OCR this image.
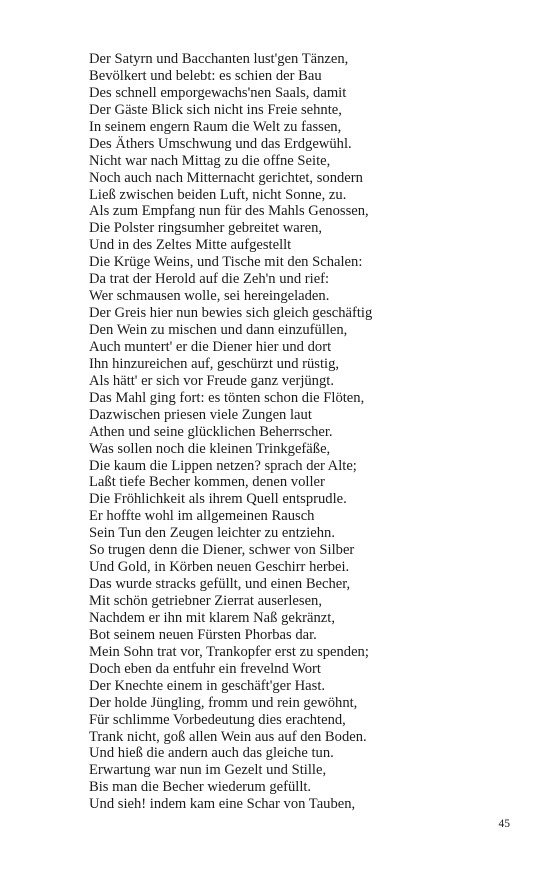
Der Satyrn und Bacchanten lust'gen Tänzen,
Bevölkert und belebt: es schien der Bau
Des schnell emporgewachs'nen Saals, damit
Der Gäste Blick sich nicht ins Freie sehnte,
In seinem engern Raum die Welt zu fassen,
Des Äthers Umschwung und das Erdgewühl.
Nicht war nach Mittag zu die offne Seite,
Noch auch nach Mitternacht gerichtet, sondern
Ließ zwischen beiden Luft, nicht Sonne, zu.
Als zum Empfang nun für des Mahls Genossen,
Die Polster ringsumher gebreitet waren,
Und in des Zeltes Mitte aufgestellt
Die Krüge Weins, und Tische mit den Schalen:
Da trat der Herold auf die Zeh'n und rief:
Wer schmausen wolle, sei hereingeladen.
Der Greis hier nun bewies sich gleich geschäftig
Den Wein zu mischen und dann einzufüllen,
Auch muntert' er die Diener hier und dort
Ihn hinzureichen auf, geschürzt und rüstig,
Als hätt' er sich vor Freude ganz verjüngt.
Das Mahl ging fort: es tönten schon die Flöten,
Dazwischen priesen viele Zungen laut
Athen und seine glücklichen Beherrscher.
Was sollen noch die kleinen Trinkgefäße,
Die kaum die Lippen netzen? sprach der Alte;
Laßt tiefe Becher kommen, denen voller
Die Fröhlichkeit als ihrem Quell entsprudle.
Er hoffte wohl im allgemeinen Rausch
Sein Tun den Zeugen leichter zu entziehn.
So trugen denn die Diener, schwer von Silber
Und Gold, in Körben neuen Geschirr herbei.
Das wurde stracks gefüllt, und einen Becher,
Mit schön getriebner Zierrat auserlesen,
Nachdem er ihn mit klarem Naß gekränzt,
Bot seinem neuen Fürsten Phorbas dar.
Mein Sohn trat vor, Trankopfer erst zu spenden;
Doch eben da entfuhr ein frevelnd Wort
Der Knechte einem in geschäft'ger Hast.
Der holde Jüngling, fromm und rein gewöhnt,
Für schlimme Vorbedeutung dies erachtend,
Trank nicht, goß allen Wein aus auf den Boden.
Und hieß die andern auch das gleiche tun.
Erwartung war nun im Gezelt und Stille,
Bis man die Becher wiederum gefüllt.
Und sieh! indem kam eine Schar von Tauben,
45
